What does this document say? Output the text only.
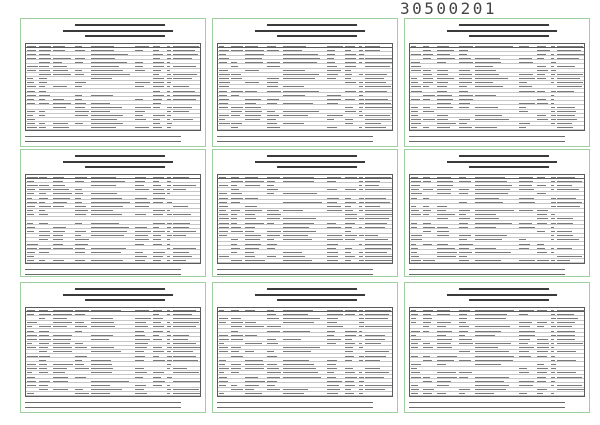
30500201
